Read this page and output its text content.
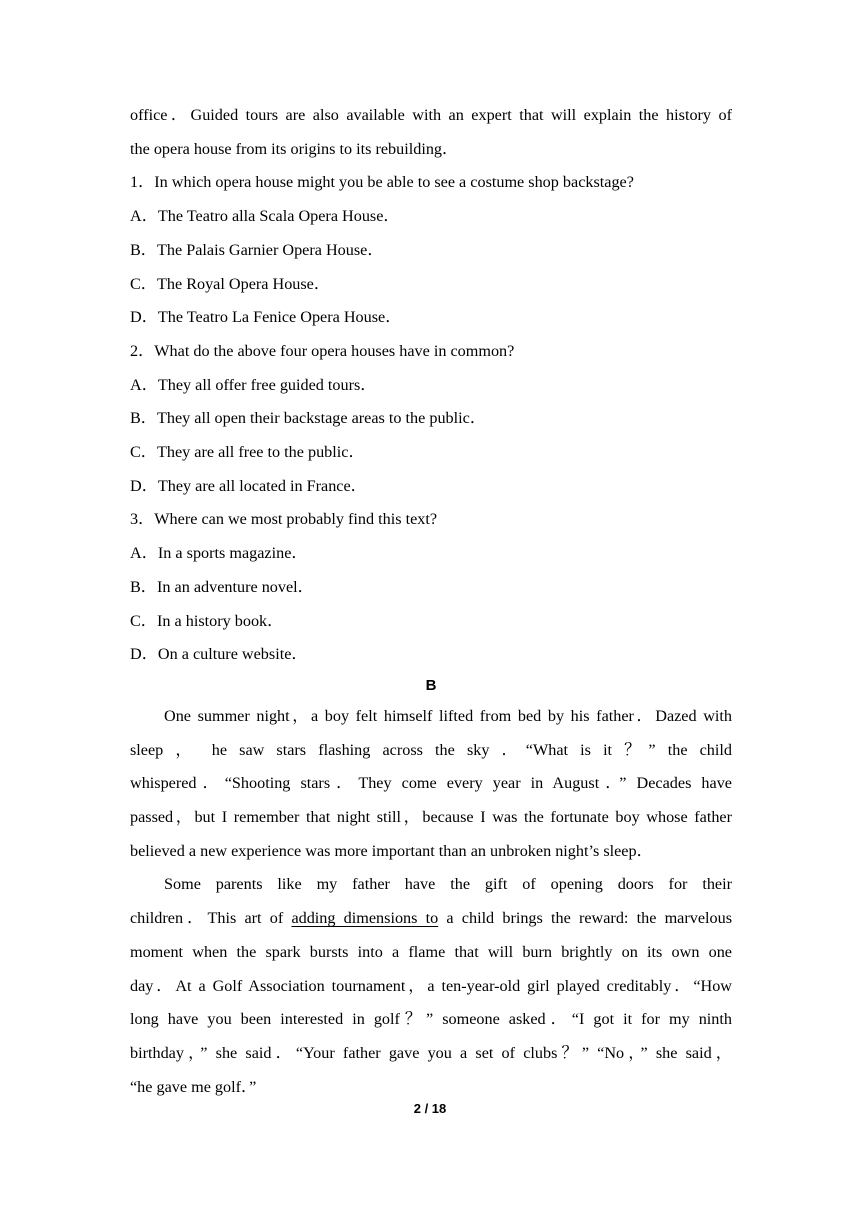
office．Guided tours are also available with an expert that will explain the history of
the opera house from its origins to its rebuilding．
1．In which opera house might you be able to see a costume shop backstage?
A．The Teatro alla Scala Opera House．
B．The Palais Garnier Opera House．
C．The Royal Opera House．
D．The Teatro La Fenice Opera House．
2．What do the above four opera houses have in common?
A．They all offer free guided tours．
B．They all open their backstage areas to the public．
C．They are all free to the public．
D．They are all located in France．
3．Where can we most probably find this text?
A．In a sports magazine．
B．In an adventure novel．
C．In a history book．
D．On a culture website．
B
One summer night，a boy felt himself lifted from bed by his father．Dazed with
sleep ， he saw stars flashing across the sky ．“What is it ？” the child
whispered．“Shooting stars．They come every year in August．” Decades have
passed，but I remember that night still，because I was the fortunate boy whose father
believed a new experience was more important than an unbroken night’s sleep．
Some parents like my father have the gift of opening doors for their
children．This art of adding dimensions to a child brings the reward: the marvelous
moment when the spark bursts into a flame that will burn brightly on its own one
day．At a Golf Association tournament，a ten-year-old girl played creditably．“How
long have you been interested in golf？” someone asked．“I got it for my ninth
birthday，” she said．“Your father gave you a set of clubs？” “No，” she said，
“he gave me golf．”
2 / 18
